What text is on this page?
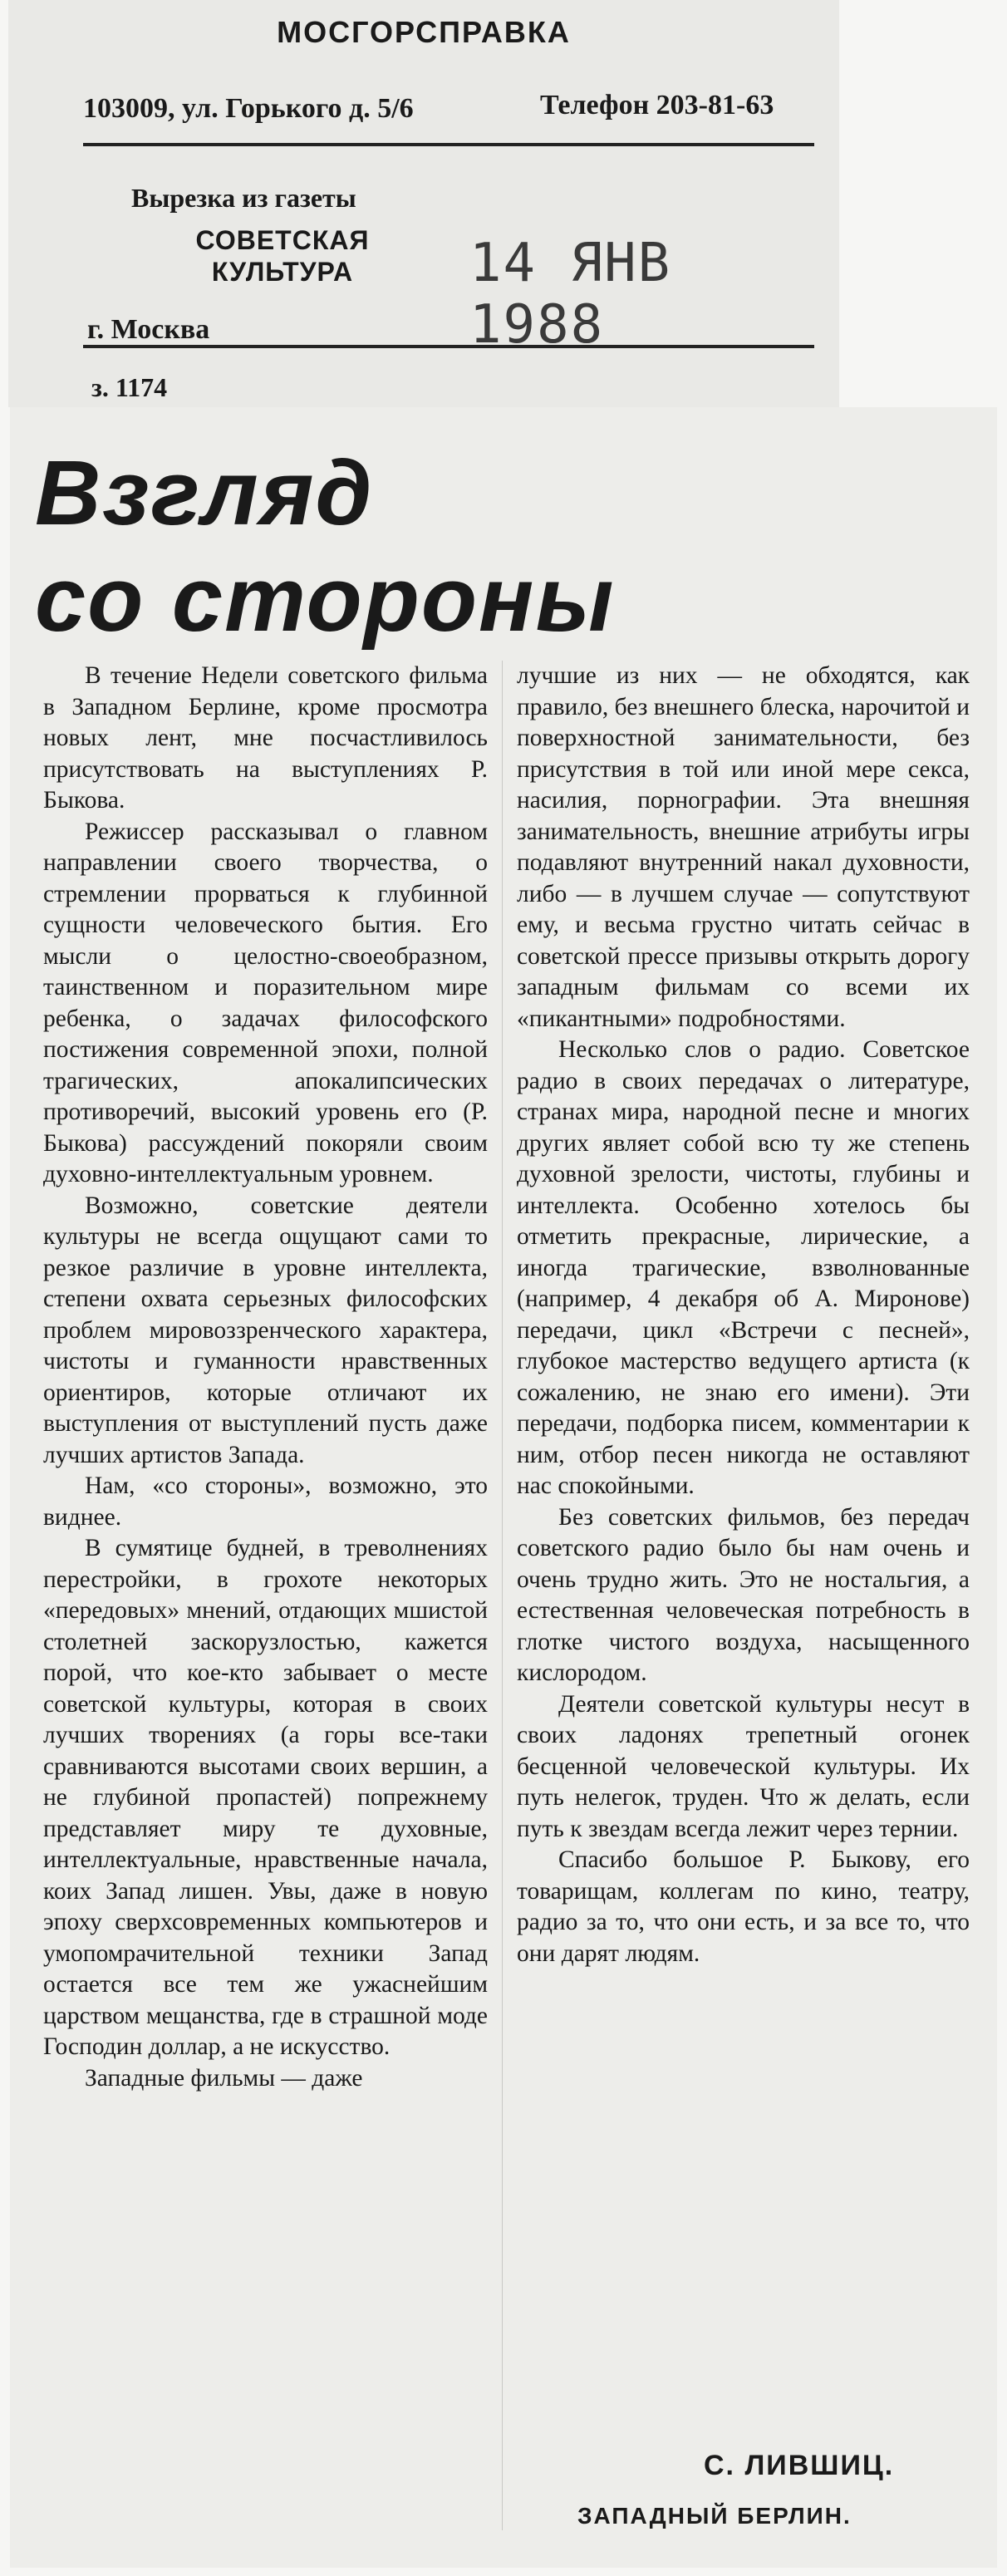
МОСГОРСПРАВКА
103009, ул. Горького д. 5/6	Телефон 203-81-63
Вырезка из газеты
СОВЕТСКАЯ
КУЛЬТУРА	14 ЯНВ 1988
г. Москва
з. 1174
Взгляд
со стороны

В течение Недели советского фильма в Западном Берлине, кроме просмотра новых лент, мне посчастливилось присутствовать на выступлениях Р. Быкова.

Режиссер рассказывал о главном направлении своего творчества, о стремлении прорваться к глубинной сущности человеческого бытия. Его мысли о целостно-своеобразном, таинственном и поразительном мире ребенка, о задачах философского постижения современной эпохи, полной трагических, апокалипсических противоречий, высокий уровень его (Р. Быкова) рассуждений покоряли своим духовно-интеллектуальным уровнем.

Возможно, советские деятели культуры не всегда ощущают сами то резкое различие в уровне интеллекта, степени охвата серьезных философских проблем мировоззренческого характера, чистоты и гуманности нравственных ориентиров, которые отличают их выступления от выступлений пусть даже лучших артистов Запада.

Нам, «со стороны», возможно, это виднее.

В сумятице будней, в треволнениях перестройки, в грохоте некоторых «передовых» мнений, отдающих мшистой столетней заскорузлостью, кажется порой, что кое-кто забывает о месте советской культуры, которая в своих лучших творениях (а горы все-таки сравниваются высотами своих вершин, а не глубиной пропастей) попрежнему представляет миру те духовные, интеллектуальные, нравственные начала, коих Запад лишен. Увы, даже в новую эпоху сверхсовременных компьютеров и умопомрачительной техники Запад остается все тем же ужаснейшим царством мещанства, где в страшной моде Господин доллар, а не искусство.

Западные фильмы — даже

лучшие из них — не обходятся, как правило, без внешнего блеска, нарочитой и поверхностной занимательности, без присутствия в той или иной мере секса, насилия, порнографии. Эта внешняя занимательность, внешние атрибуты игры подавляют внутренний накал духовности, либо — в лучшем случае — сопутствуют ему, и весьма грустно читать сейчас в советской прессе призывы открыть дорогу западным фильмам со всеми их «пикантными» подробностями.

Несколько слов о радио. Советское радио в своих передачах о литературе, странах мира, народной песне и многих других являет собой всю ту же степень духовной зрелости, чистоты, глубины и интеллекта. Особенно хотелось бы отметить прекрасные, лирические, а иногда трагические, взволнованные (например, 4 декабря об А. Миронове) передачи, цикл «Встречи с песней», глубокое мастерство ведущего артиста (к сожалению, не знаю его имени). Эти передачи, подборка писем, комментарии к ним, отбор песен никогда не оставляют нас спокойными.

Без советских фильмов, без передач советского радио было бы нам очень и очень трудно жить. Это не ностальгия, а естественная человеческая потребность в глотке чистого воздуха, насыщенного кислородом.

Деятели советской культуры несут в своих ладонях трепетный огонек бесценной человеческой культуры. Их путь нелегок, труден. Что ж делать, если путь к звездам всегда лежит через тернии.

Спасибо большое Р. Быкову, его товарищам, коллегам по кино, театру, радио за то, что они есть, и за все то, что они дарят людям.

С. ЛИВШИЦ.
ЗАПАДНЫЙ БЕРЛИН.
